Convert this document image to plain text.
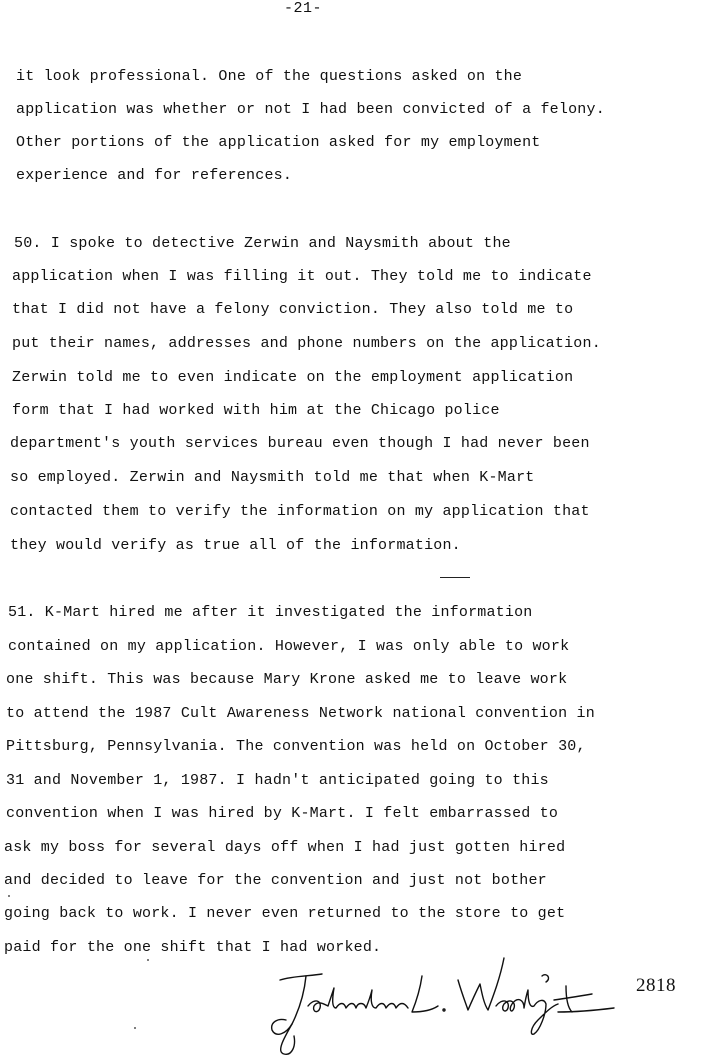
-21-
it look professional. One of the questions asked on the
application was whether or not I had been convicted of a felony.
Other portions of the application asked for my employment
experience and for references.
50. I spoke to detective Zerwin and Naysmith about the
application when I was filling it out. They told me to indicate
that I did not have a felony conviction. They also told me to
put their names, addresses and phone numbers on the application.
Zerwin told me to even indicate on the employment application
form that I had worked with him at the Chicago police
department's youth services bureau even though I had never been
so employed. Zerwin and Naysmith told me that when K-Mart
contacted them to verify the information on my application that
they would verify as true all of the information.
51. K-Mart hired me after it investigated the information
contained on my application. However, I was only able to work
one shift. This was because Mary Krone asked me to leave work
to attend the 1987 Cult Awareness Network national convention in
Pittsburg, Pennsylvania. The convention was held on October 30,
31 and November 1, 1987. I hadn't anticipated going to this
convention when I was hired by K-Mart. I felt embarrassed to
ask my boss for several days off when I had just gotten hired
and decided to leave for the convention and just not bother
going back to work. I never even returned to the store to get
paid for the one shift that I had worked.
2818
